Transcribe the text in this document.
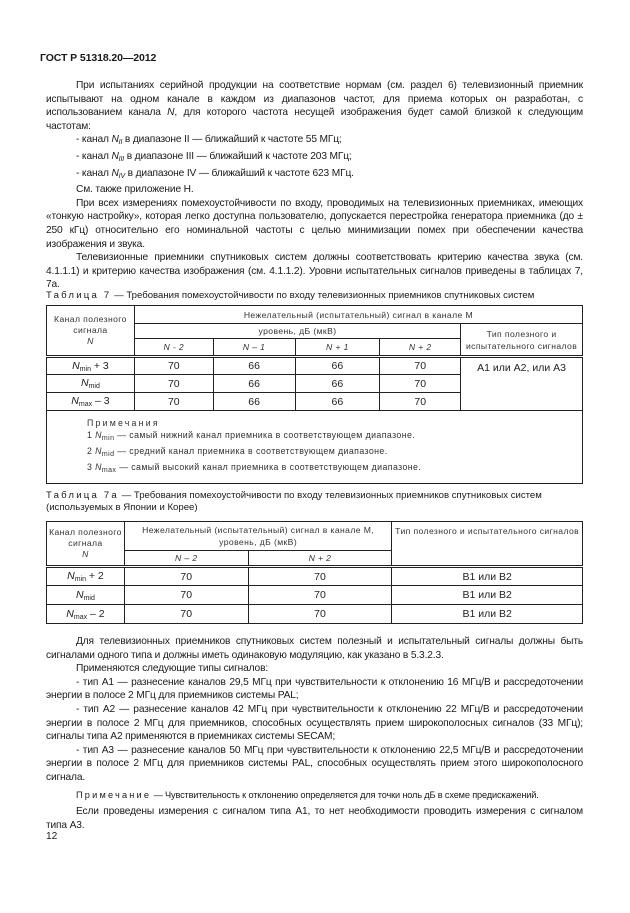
ГОСТ Р 51318.20—2012

При испытаниях серийной продукции на соответствие нормам (см. раздел 6) телевизионный приемник испытывают на одном канале в каждом из диапазонов частот, для приема которых он разработан, с использованием канала N, для которого частота несущей изображения будет самой близкой к следующим частотам:

- канал $N_{II}$ в диапазоне II — ближайший к частоте 55 МГц;

- канал $N_{III}$ в диапазоне III — ближайший к частоте 203 МГц;

- канал $N_{IV}$ в диапазоне IV — ближайший к частоте 623 МГц.

См. также приложение Н.

При всех измерениях помехоустойчивости по входу, проводимых на телевизионных приемниках, имеющих «тонкую настройку», которая легко доступна пользователю, допускается перестройка генератора приемника (до ± 250 кГц) относительно его номинальной частоты с целью минимизации помех при обеспечении качества изображения и звука.

Телевизионные приемники спутниковых систем должны соответствовать критерию качества звука (см. 4.1.1.1) и критерию качества изображения (см. 4.1.1.2). Уровни испытательных сигналов приведены в таблицах 7, 7а.

Таблица 7 — Требования помехоустойчивости по входу телевизионных приемников спутниковых систем
Канал полезного сигнала
N	Нежелательный (испытательный) сигнал в канале M				
	уровень, дБ (мкВ)				Тип полезного и испытательного сигналов
	N - 2	N – 1	N + 1	N + 2	
$N_{min} + 3$	70	66	66	70	А1 или А2, или А3
$N_{mid}$	70	66	66	70	
$N_{max} - 3$	70	66	66	70	

Примечания
1 $N_{min}$ — самый нижний канал приемника в соответствующем диапазоне.
2 $N_{mid}$ — средний канал приемника в соответствующем диапазоне.
3 $N_{max}$ — самый высокий канал приемника в соответствующем диапазоне.					
Таблица 7а — Требования помехоустойчивости по входу телевизионных приемников спутниковых систем (используемых в Японии и Корее)
Канал полезного сигнала
N	Нежелательный (испытательный) сигнал в канале M, уровень, дБ (мкВ)		Тип полезного и испытательного сигналов
	N – 2	N + 2	
$N_{min} + 2$	70	70	В1 или В2
$N_{mid}$	70	70	В1 или В2
$N_{max} - 2$	70	70	В1 или В2

Для телевизионных приемников спутниковых систем полезный и испытательный сигналы должны быть сигналами одного типа и должны иметь одинаковую модуляцию, как указано в 5.3.2.3.

Применяются следующие типы сигналов:

- тип А1 — разнесение каналов 29,5 МГц при чувствительности к отклонению 16 МГц/В и рассредоточении энергии в полосе 2 МГц для приемников системы PAL;

- тип А2 — разнесение каналов 42 МГц при чувствительности к отклонению 22 МГц/В и рассредоточении энергии в полосе 2 МГц для приемников, способных осуществлять прием широкополосных сигналов (33 МГц); сигналы типа А2 применяются в приемниках системы SECAM;

- тип А3 — разнесение каналов 50 МГц при чувствительности к отклонению 22,5 МГц/В и рассредоточении энергии в полосе 2 МГц для приемников системы PAL, способных осуществлять прием этого широкополосного сигнала.

Примечание — Чувствительность к отклонению определяется для точки ноль дБ в схеме предискажений.

Если проведены измерения с сигналом типа А1, то нет необходимости проводить измерения с сигналом типа А3.

12
